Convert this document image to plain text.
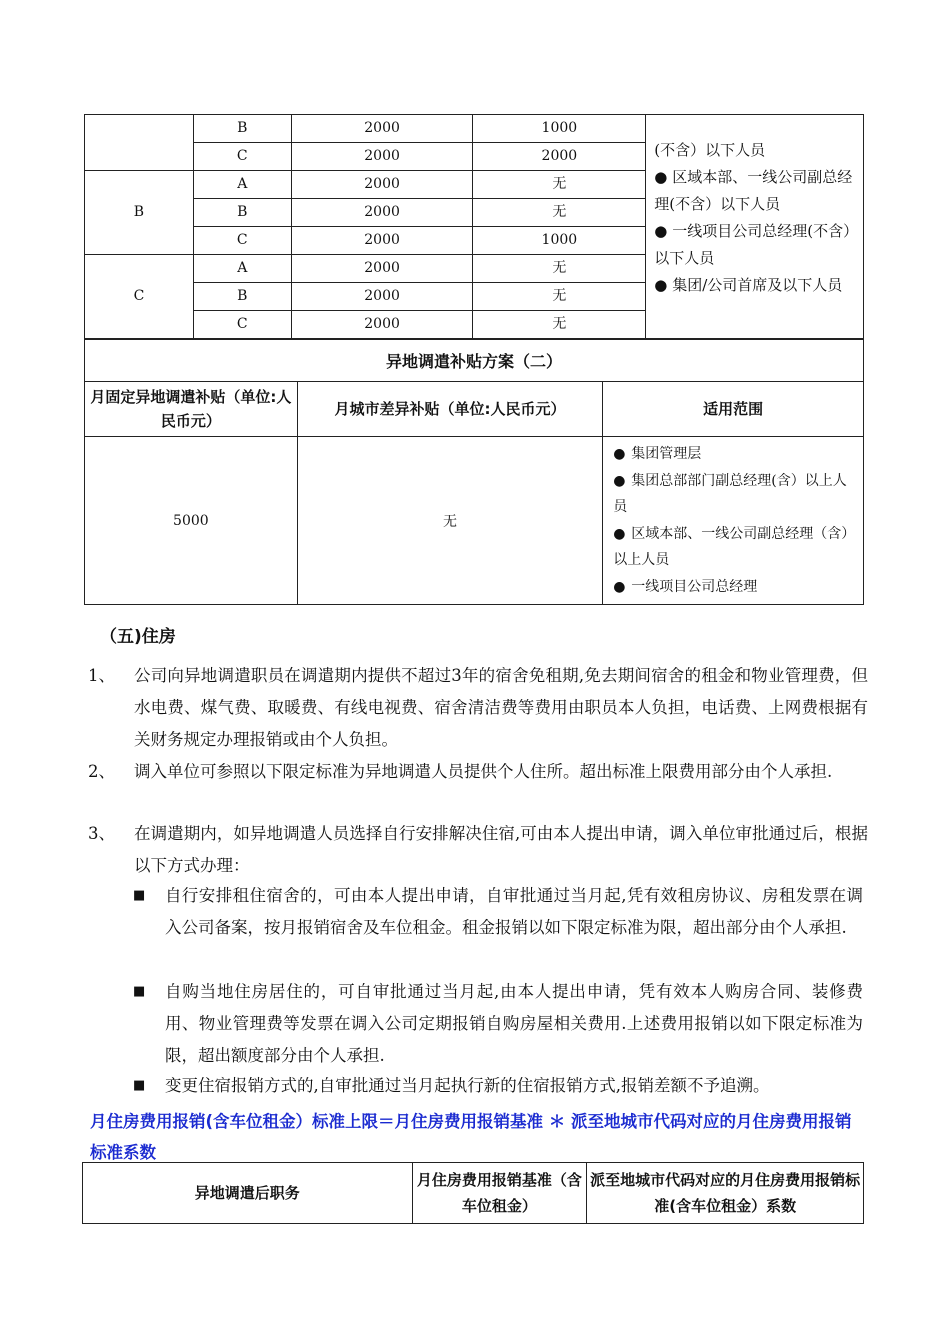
	B	2000	1000	(不含）以下人员

● 区域本部、一线公司副总经理(不含）以下人员

● 一线项目公司总经理(不含）以下人员

● 集团/公司首席及以下人员

	C	2000	2000	
B	A	2000	无	
	B	2000	无	
	C	2000	1000	
C	A	2000	无	
	B	2000	无	
	C	2000	无	
异地调遣补贴方案（二）		
月固定异地调遣补贴（单位:人民币元）	月城市差异补贴（单位:人民币元）	适用范围
5000	无	● 集团管理层

● 集团总部部门副总经理(含）以上人员

● 区域本部、一线公司副总经理（含）以上人员

● 一线项目公司总经理

（五)住房
1、 公司向异地调遣职员在调遣期内提供不超过3年的宿舍免租期,免去期间宿舍的租金和物业管理费，但水电费、煤气费、取暖费、有线电视费、宿舍清洁费等费用由职员本人负担，电话费、上网费根据有关财务规定办理报销或由个人负担。
2、 调入单位可参照以下限定标准为异地调遣人员提供个人住所。超出标准上限费用部分由个人承担.
3、 在调遣期内，如异地调遣人员选择自行安排解决住宿,可由本人提出申请，调入单位审批通过后，根据以下方式办理：
■ 自行安排租住宿舍的，可由本人提出申请，自审批通过当月起,凭有效租房协议、房租发票在调入公司备案，按月报销宿舍及车位租金。租金报销以如下限定标准为限，超出部分由个人承担.
■ 自购当地住房居住的，可自审批通过当月起,由本人提出申请，凭有效本人购房合同、装修费用、物业管理费等发票在调入公司定期报销自购房屋相关费用.上述费用报销以如下限定标准为限，超出额度部分由个人承担.
■ 变更住宿报销方式的,自审批通过当月起执行新的住宿报销方式,报销差额不予追溯。
月住房费用报销(含车位租金）标准上限＝月住房费用报销基准 ＊ 派至地城市代码对应的月住房费用报销标准系数
异地调遣后职务	月住房费用报销基准（含车位租金）	派至地城市代码对应的月住房费用报销标准(含车位租金）系数
